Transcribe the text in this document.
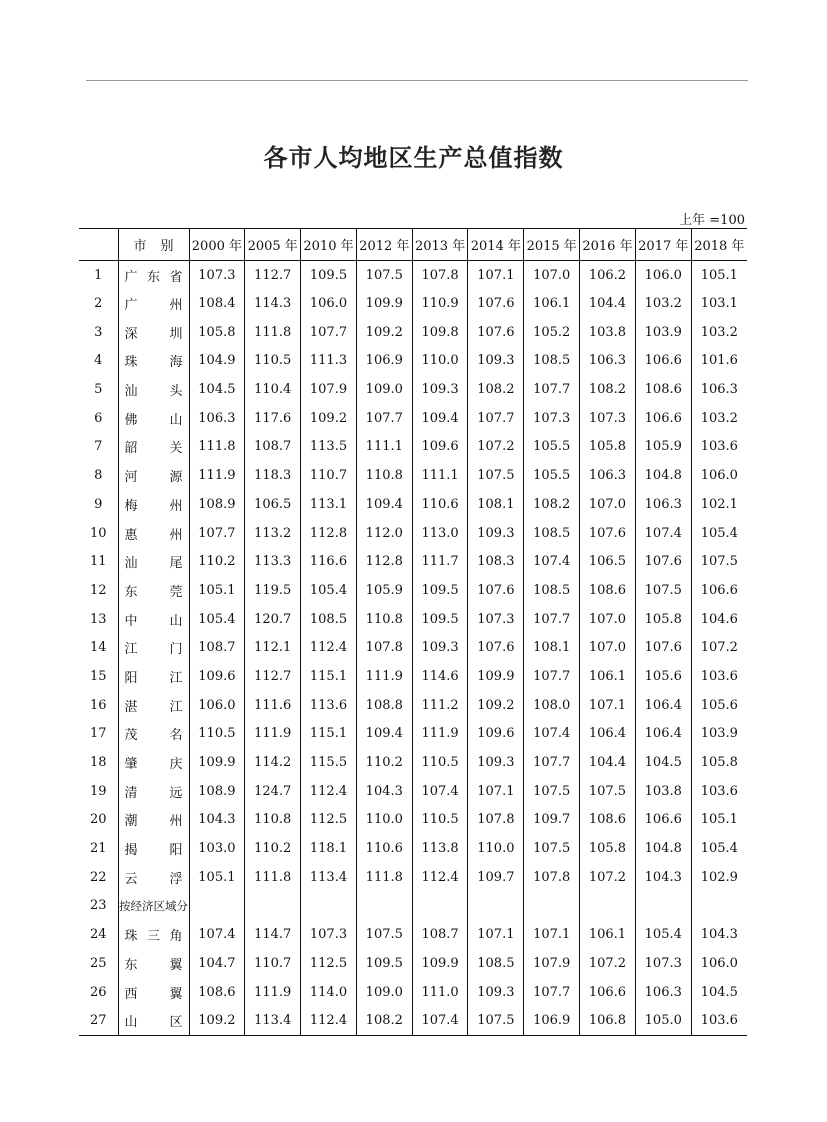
各市人均地区生产总值指数
上年 =100
	市　别	2000 年	2005 年	2010 年	2012 年	2013 年	2014 年	2015 年	2016 年	2017 年	2018 年
1	广东省	107.3	112.7	109.5	107.5	107.8	107.1	107.0	106.2	106.0	105.1
2	广　州	108.4	114.3	106.0	109.9	110.9	107.6	106.1	104.4	103.2	103.1
3	深　圳	105.8	111.8	107.7	109.2	109.8	107.6	105.2	103.8	103.9	103.2
4	珠　海	104.9	110.5	111.3	106.9	110.0	109.3	108.5	106.3	106.6	101.6
5	汕　头	104.5	110.4	107.9	109.0	109.3	108.2	107.7	108.2	108.6	106.3
6	佛　山	106.3	117.6	109.2	107.7	109.4	107.7	107.3	107.3	106.6	103.2
7	韶　关	111.8	108.7	113.5	111.1	109.6	107.2	105.5	105.8	105.9	103.6
8	河　源	111.9	118.3	110.7	110.8	111.1	107.5	105.5	106.3	104.8	106.0
9	梅　州	108.9	106.5	113.1	109.4	110.6	108.1	108.2	107.0	106.3	102.1
10	惠　州	107.7	113.2	112.8	112.0	113.0	109.3	108.5	107.6	107.4	105.4
11	汕　尾	110.2	113.3	116.6	112.8	111.7	108.3	107.4	106.5	107.6	107.5
12	东　莞	105.1	119.5	105.4	105.9	109.5	107.6	108.5	108.6	107.5	106.6
13	中　山	105.4	120.7	108.5	110.8	109.5	107.3	107.7	107.0	105.8	104.6
14	江　门	108.7	112.1	112.4	107.8	109.3	107.6	108.1	107.0	107.6	107.2
15	阳　江	109.6	112.7	115.1	111.9	114.6	109.9	107.7	106.1	105.6	103.6
16	湛　江	106.0	111.6	113.6	108.8	111.2	109.2	108.0	107.1	106.4	105.6
17	茂　名	110.5	111.9	115.1	109.4	111.9	109.6	107.4	106.4	106.4	103.9
18	肇　庆	109.9	114.2	115.5	110.2	110.5	109.3	107.7	104.4	104.5	105.8
19	清　远	108.9	124.7	112.4	104.3	107.4	107.1	107.5	107.5	103.8	103.6
20	潮　州	104.3	110.8	112.5	110.0	110.5	107.8	109.7	108.6	106.6	105.1
21	揭　阳	103.0	110.2	118.1	110.6	113.8	110.0	107.5	105.8	104.8	105.4
22	云　浮	105.1	111.8	113.4	111.8	112.4	109.7	107.8	107.2	104.3	102.9
23	按经济区域分										
24	珠三角	107.4	114.7	107.3	107.5	108.7	107.1	107.1	106.1	105.4	104.3
25	东　翼	104.7	110.7	112.5	109.5	109.9	108.5	107.9	107.2	107.3	106.0
26	西　翼	108.6	111.9	114.0	109.0	111.0	109.3	107.7	106.6	106.3	104.5
27	山　区	109.2	113.4	112.4	108.2	107.4	107.5	106.9	106.8	105.0	103.6
